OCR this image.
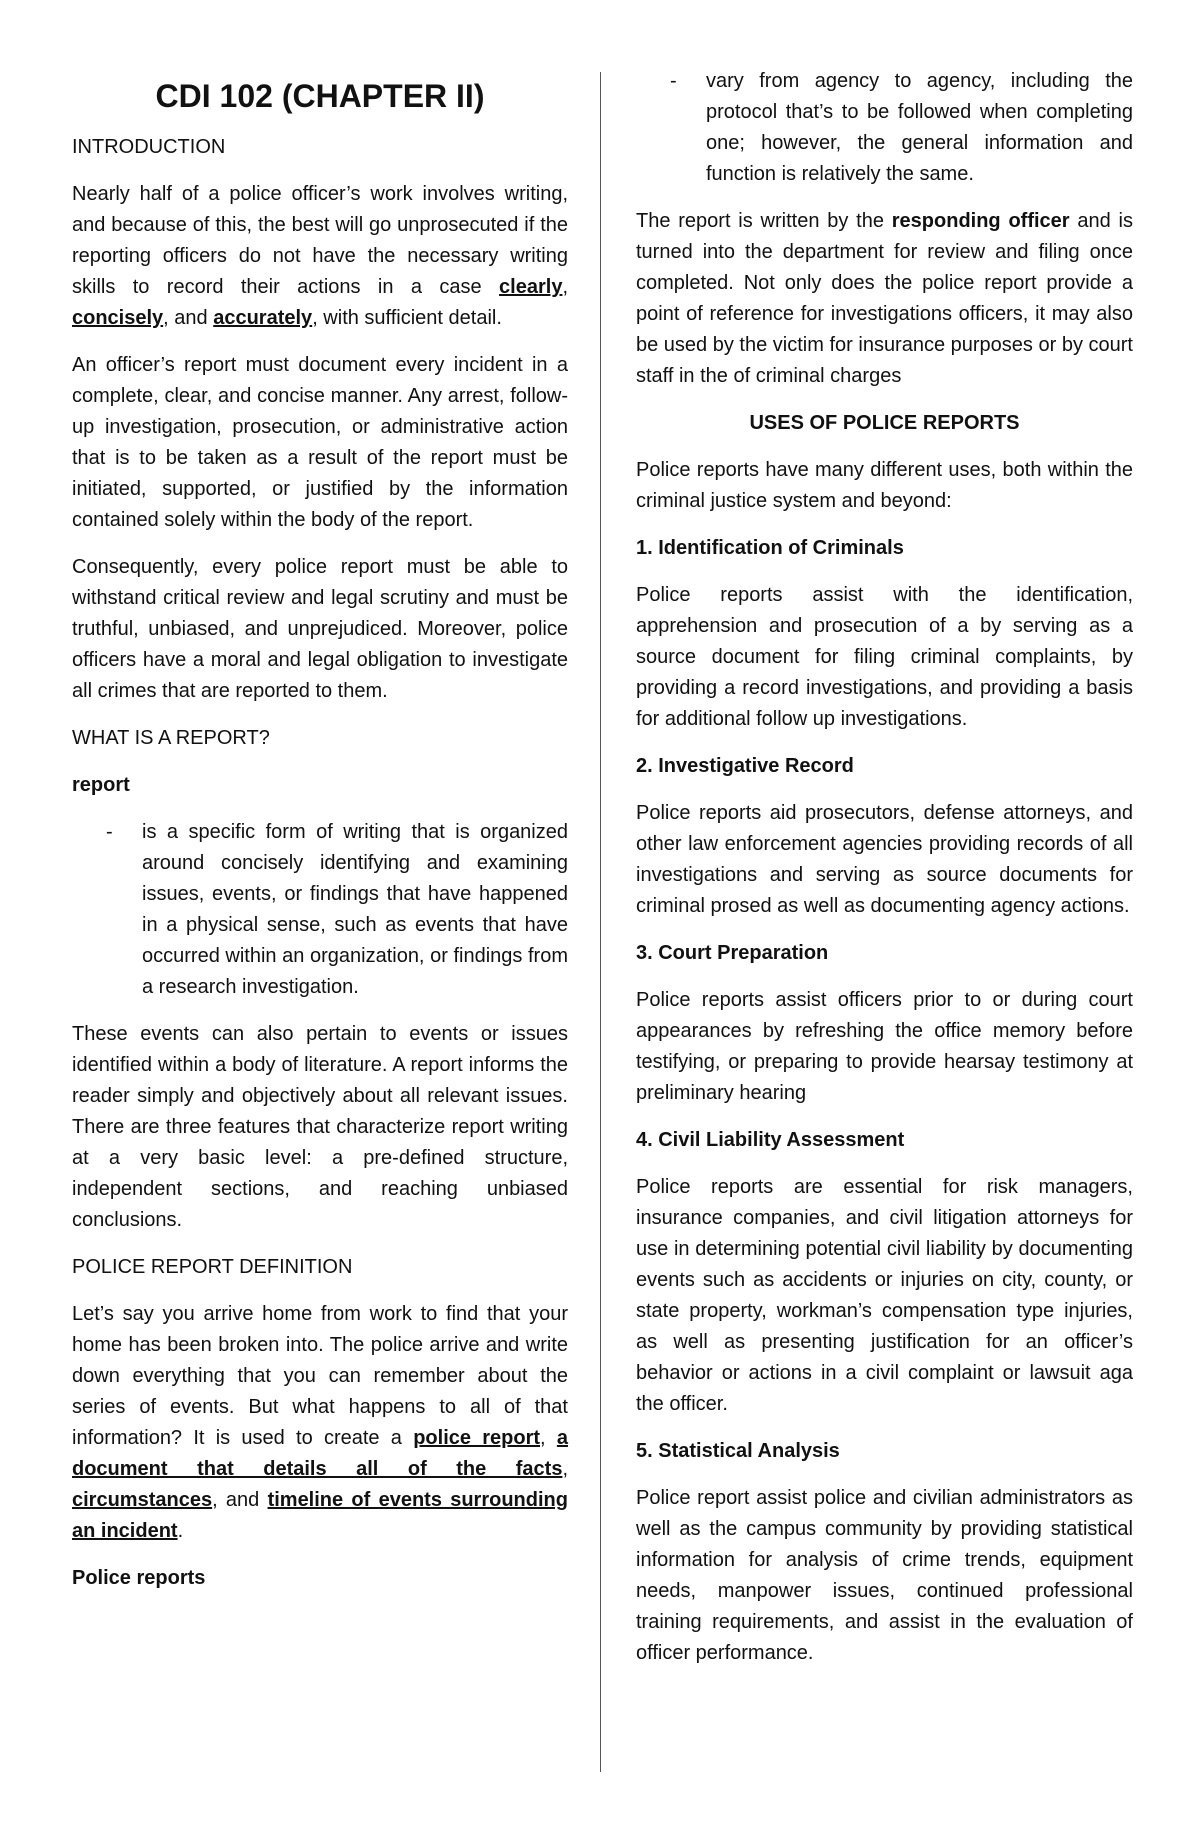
CDI 102 (CHAPTER II)
INTRODUCTION

Nearly half of a police officer’s work involves writing, and because of this, the best will go unprosecuted if the reporting officers do not have the necessary writing skills to record their actions in a case clearly, concisely, and accurately, with sufficient detail.

An officer’s report must document every incident in a complete, clear, and concise manner. Any arrest, follow-up investigation, prosecution, or administrative action that is to be taken as a result of the report must be initiated, supported, or justified by the information contained solely within the body of the report.

Consequently, every police report must be able to withstand critical review and legal scrutiny and must be truthful, unbiased, and unprejudiced. Moreover, police officers have a moral and legal obligation to investigate all crimes that are reported to them.

WHAT IS A REPORT?
report
- is a specific form of writing that is organized around concisely identifying and examining issues, events, or findings that have happened in a physical sense, such as events that have occurred within an organization, or findings from a research investigation.

These events can also pertain to events or issues identified within a body of literature. A report informs the reader simply and objectively about all relevant issues. There are three features that characterize report writing at a very basic level: a pre-defined structure, independent sections, and reaching unbiased conclusions.

POLICE REPORT DEFINITION

Let’s say you arrive home from work to find that your home has been broken into. The police arrive and write down everything that you can remember about the series of events. But what happens to all of that information? It is used to create a police report, a document that details all of the facts, circumstances, and timeline of events surrounding an incident.

Police reports
- vary from agency to agency, including the protocol that’s to be followed when completing one; however, the general information and function is relatively the same.

The report is written by the responding officer and is turned into the department for review and filing once completed. Not only does the police report provide a point of reference for investigations officers, it may also be used by the victim for insurance purposes or by court staff in the of criminal charges

USES OF POLICE REPORTS

Police reports have many different uses, both within the criminal justice system and beyond:

1. Identification of Criminals

Police reports assist with the identification, apprehension and prosecution of a by serving as a source document for filing criminal complaints, by providing a record investigations, and providing a basis for additional follow up investigations.

2. Investigative Record

Police reports aid prosecutors, defense attorneys, and other law enforcement agencies providing records of all investigations and serving as source documents for criminal prosed as well as documenting agency actions.

3. Court Preparation

Police reports assist officers prior to or during court appearances by refreshing the office memory before testifying, or preparing to provide hearsay testimony at preliminary hearing

4. Civil Liability Assessment

Police reports are essential for risk managers, insurance companies, and civil litigation attorneys for use in determining potential civil liability by documenting events such as accidents or injuries on city, county, or state property, workman’s compensation type injuries, as well as presenting justification for an officer’s behavior or actions in a civil complaint or lawsuit aga the officer.

5. Statistical Analysis

Police report assist police and civilian administrators as well as the campus community by providing statistical information for analysis of crime trends, equipment needs, manpower issues, continued professional training requirements, and assist in the evaluation of officer performance.
